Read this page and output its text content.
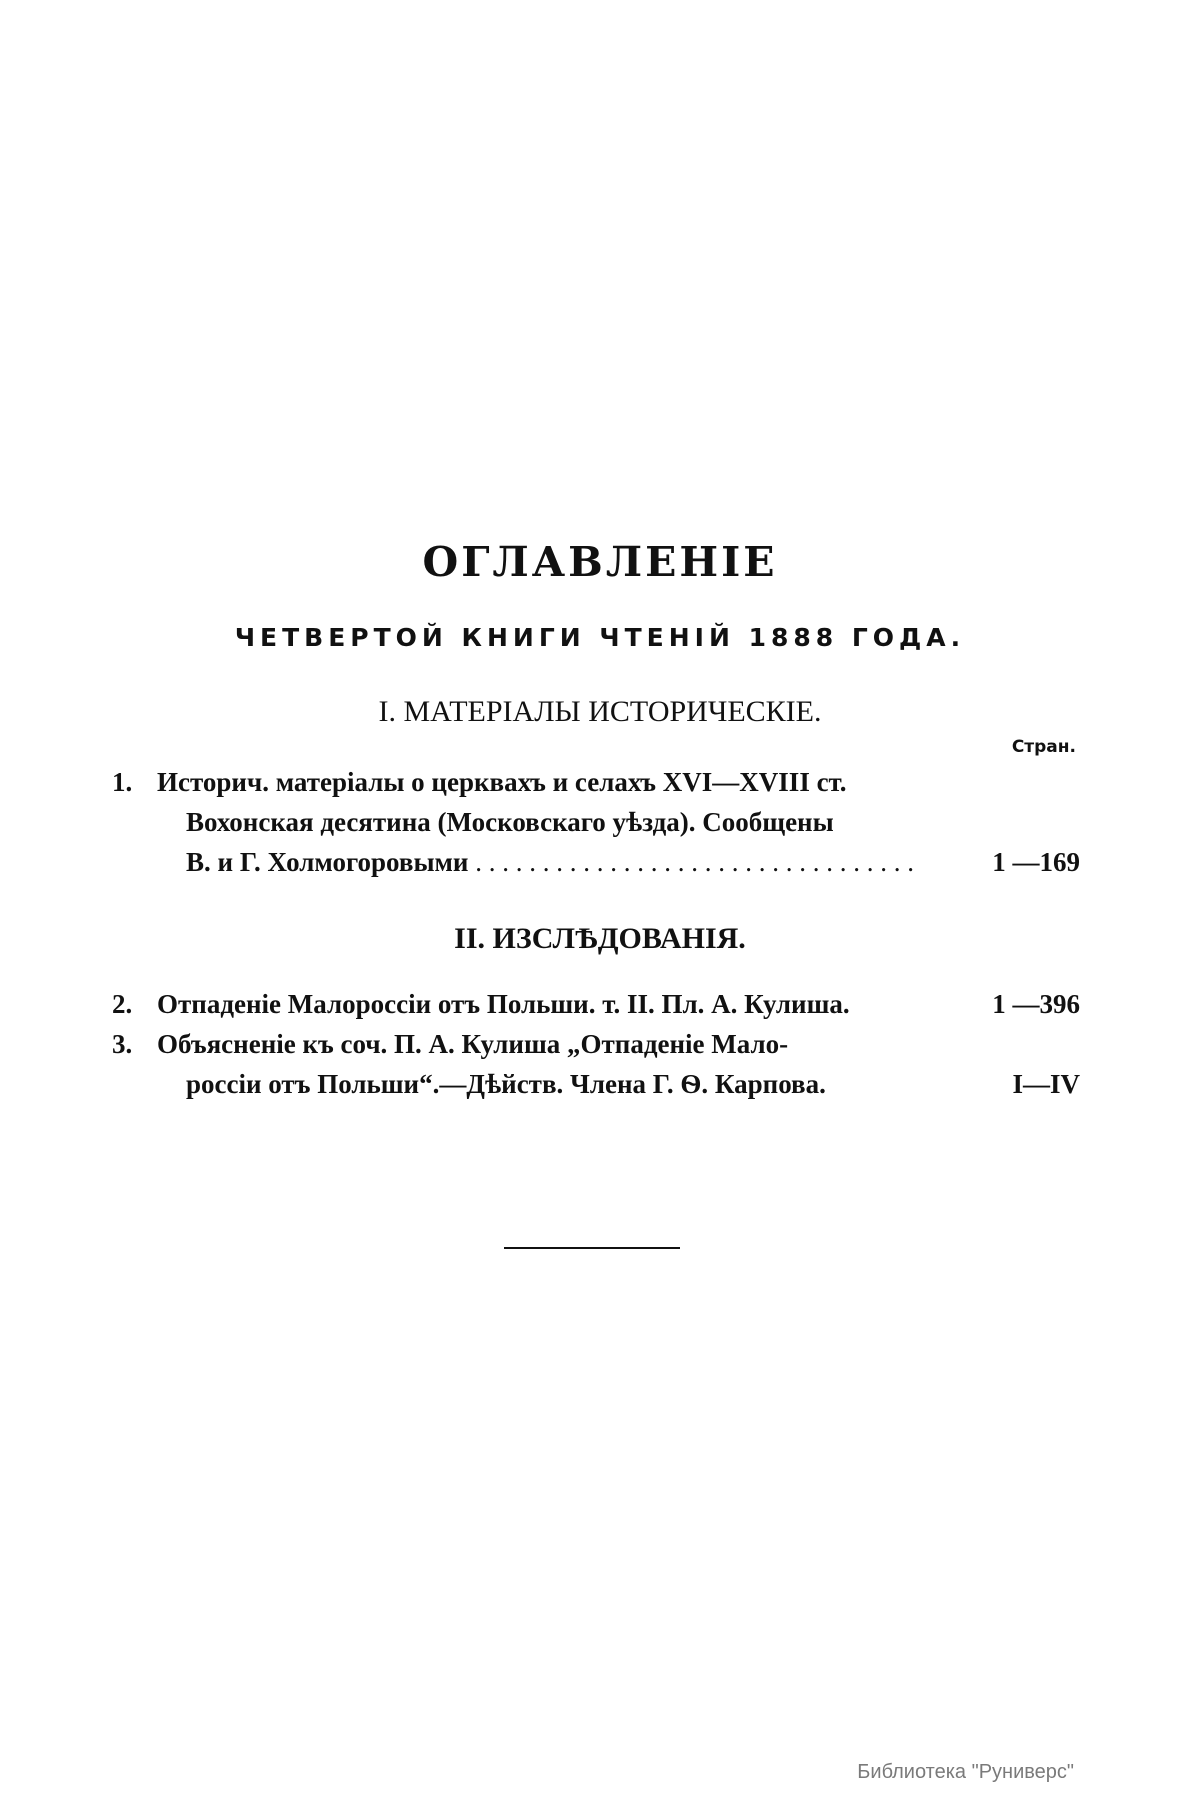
ОГЛАВЛЕНІЕ
ЧЕТВЕРТОЙ КНИГИ ЧТЕНІЙ 1888 ГОДА.
I. МАТЕРІАЛЫ ИСТОРИЧЕСКІЕ.
Стран.
1. Историч. матеріалы о церквахъ и селахъ XVI—XVIII ст.
Вохонская десятина (Московскаго уѣзда). Сообщены
В. и Г. Холмогоровыми . . .	1 —169
II. ИЗСЛѢДОВАНІЯ.
2. Отпаденіе Малороссіи отъ Польши. т. II. Пл. А. Кулиша.	1 —396
3. Объясненіе къ соч. П. А. Кулиша „Отпаденіе Мало-
россіи отъ Польши“.—Дѣйств. Члена Г. Ѳ. Карпова.	I—IV
Библиотека "Руниверс"
